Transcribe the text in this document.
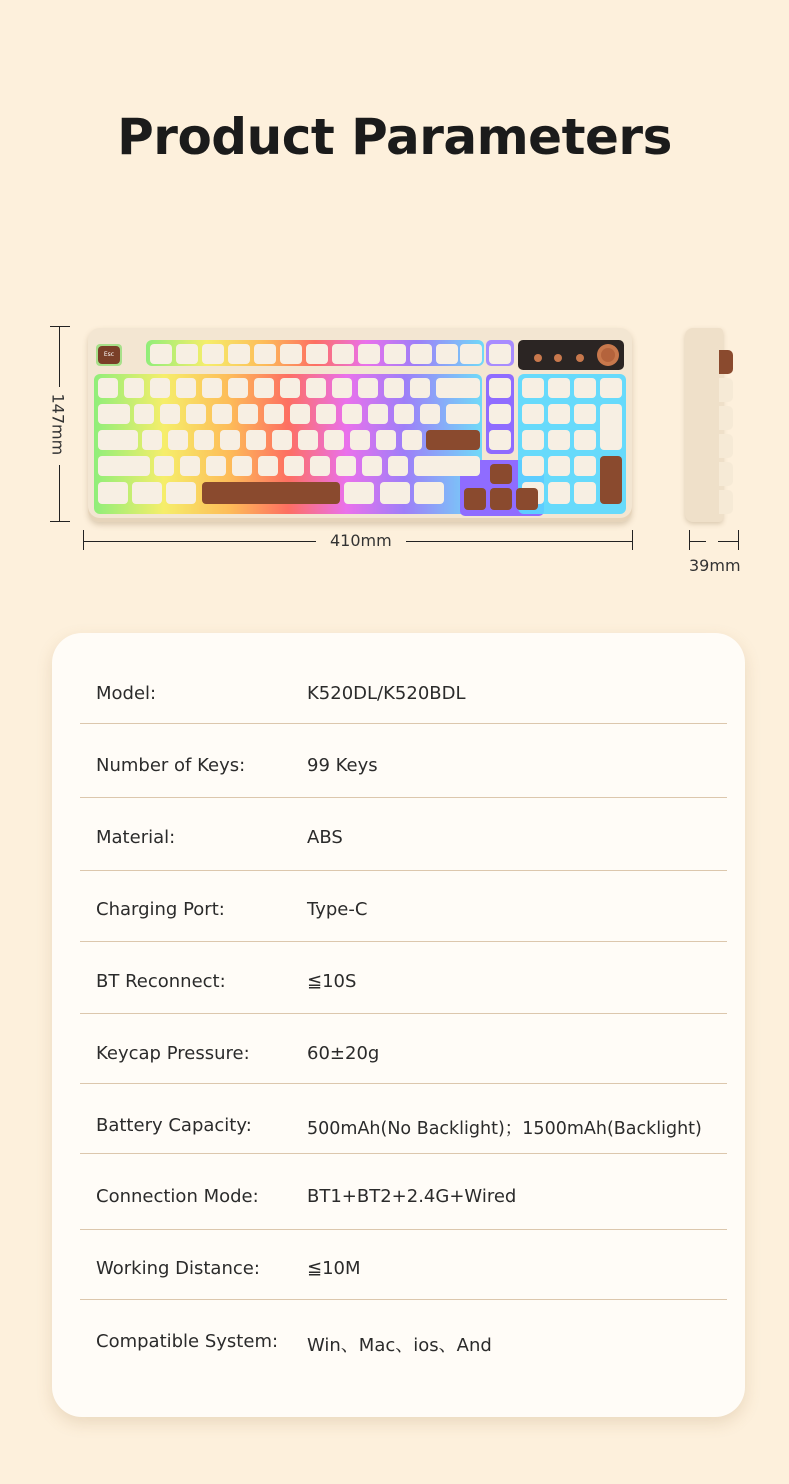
Product Parameters
147mm
410mm
39mm
Esc
Model:	K520DL/K520BDL
Number of Keys:	99 Keys
Material:	ABS
Charging Port:	Type-C
BT Reconnect:	≦10S
Keycap Pressure:	60±20g
Battery Capacity:	500mAh(No Backlight)；1500mAh(Backlight)
Connection Mode:	BT1+BT2+2.4G+Wired
Working Distance:	≦10M
Compatible System: Win、Mac、ios、And
